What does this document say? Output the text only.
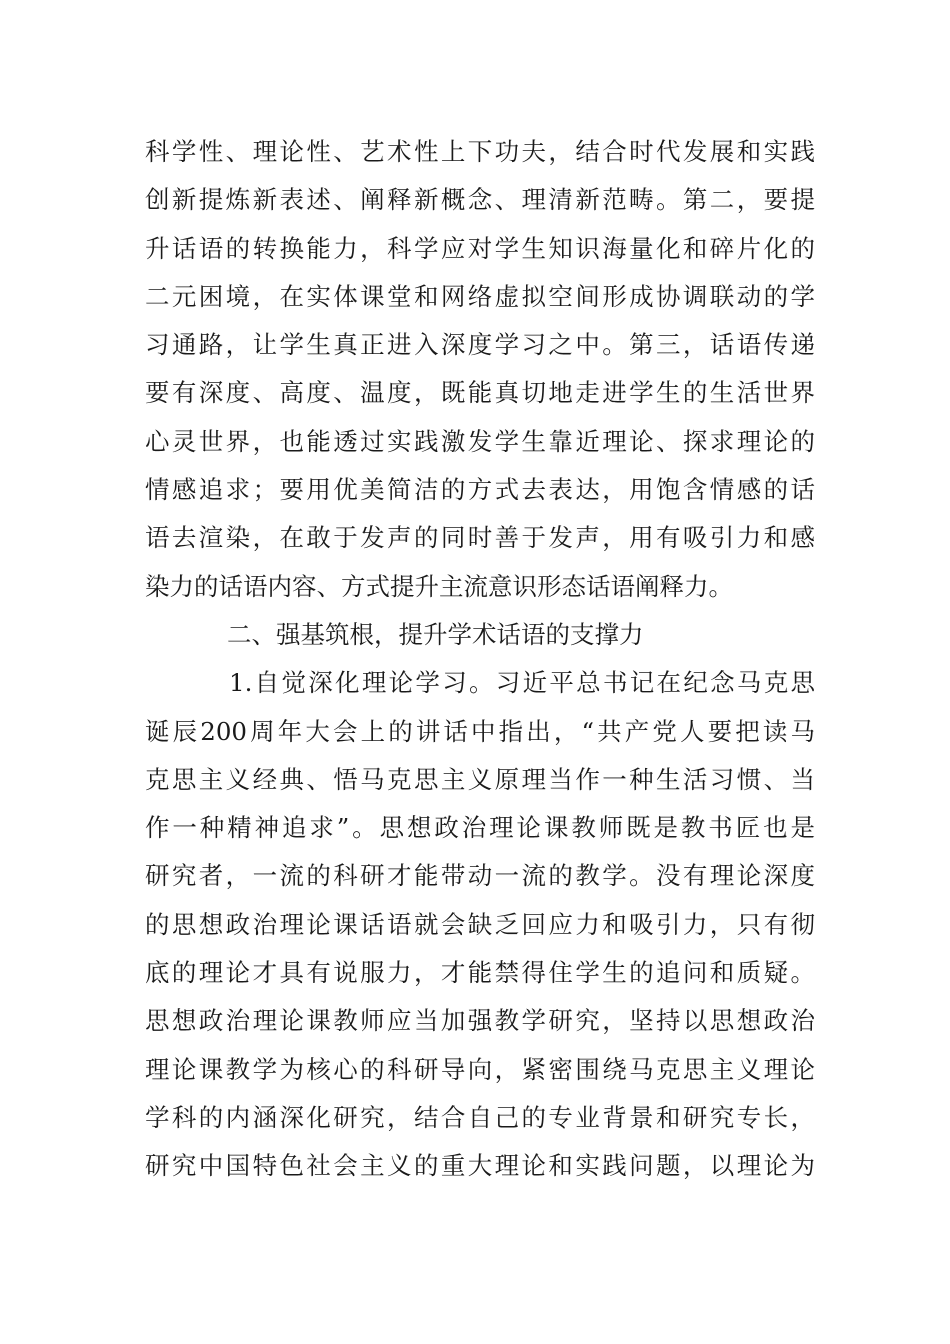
科学性、理论性、艺术性上下功夫，结合时代发展和实践
创新提炼新表述、阐释新概念、理清新范畴。第二，要提
升话语的转换能力，科学应对学生知识海量化和碎片化的
二元困境，在实体课堂和网络虚拟空间形成协调联动的学
习通路，让学生真正进入深度学习之中。第三，话语传递
要有深度、高度、温度，既能真切地走进学生的生活世界
心灵世界，也能透过实践激发学生靠近理论、探求理论的
情感追求；要用优美简洁的方式去表达，用饱含情感的话
语去渲染，在敢于发声的同时善于发声，用有吸引力和感
染力的话语内容、方式提升主流意识形态话语阐释力。
二、强基筑根，提升学术话语的支撑力
1.自觉深化理论学习。习近平总书记在纪念马克思
诞辰200周年大会上的讲话中指出，“共产党人要把读马
克思主义经典、悟马克思主义原理当作一种生活习惯、当
作一种精神追求”。思想政治理论课教师既是教书匠也是
研究者，一流的科研才能带动一流的教学。没有理论深度
的思想政治理论课话语就会缺乏回应力和吸引力，只有彻
底的理论才具有说服力，才能禁得住学生的追问和质疑。
思想政治理论课教师应当加强教学研究，坚持以思想政治
理论课教学为核心的科研导向，紧密围绕马克思主义理论
学科的内涵深化研究，结合自己的专业背景和研究专长，
研究中国特色社会主义的重大理论和实践问题，以理论为
